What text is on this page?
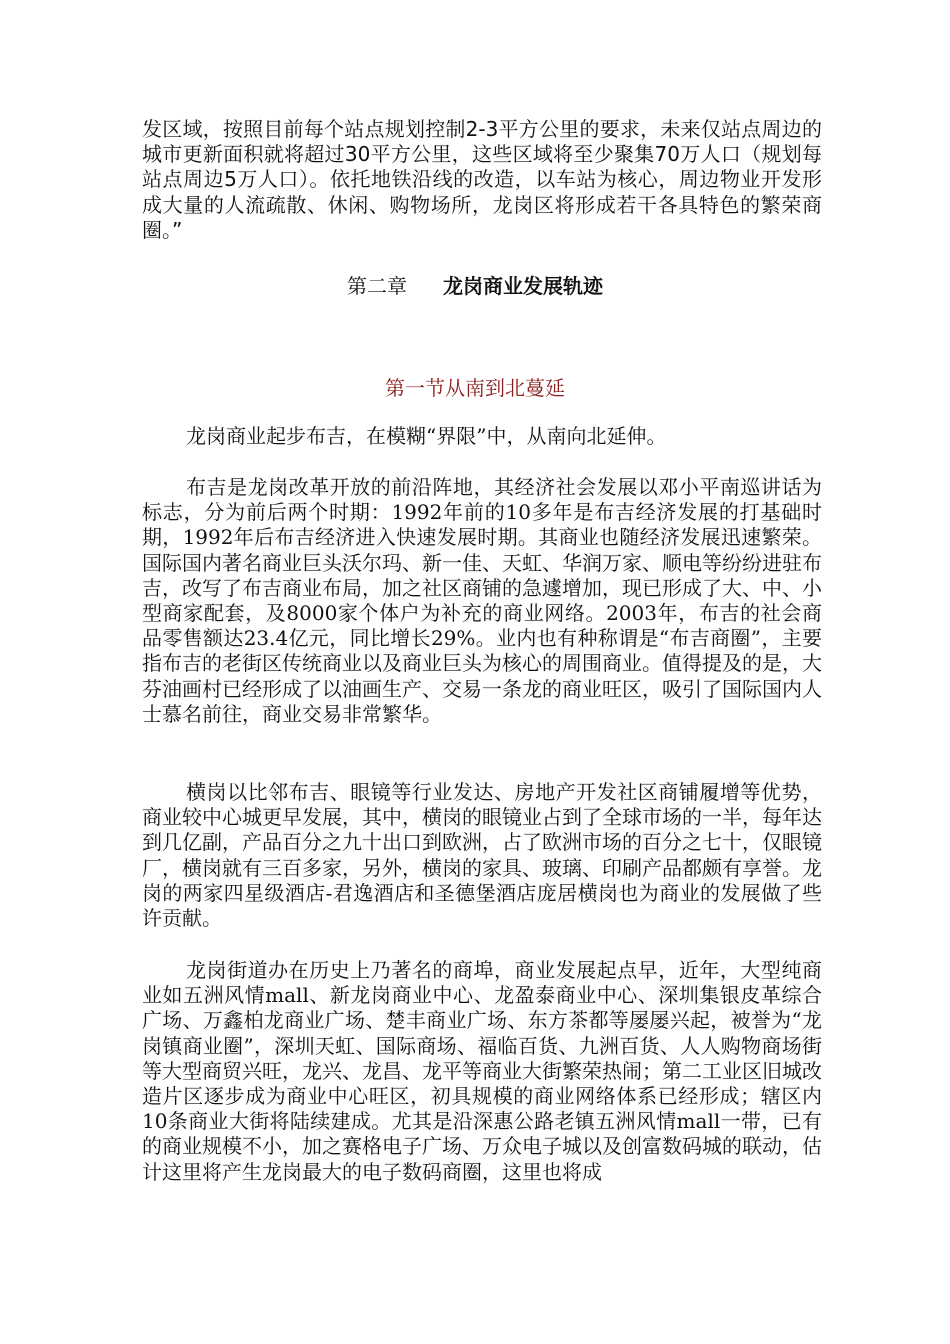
发区域，按照目前每个站点规划控制2-3平方公里的要求，未来仅站点周边的城市更新面积就将超过30平方公里，这些区域将至少聚集70万人口（规划每站点周边5万人口）。依托地铁沿线的改造，以车站为核心，周边物业开发形成大量的人流疏散、休闲、购物场所，龙岗区将形成若干各具特色的繁荣商圈。”

第二章 龙岗商业发展轨迹
第一节从南到北蔓延

龙岗商业起步布吉，在模糊“界限”中，从南向北延伸。

布吉是龙岗改革开放的前沿阵地，其经济社会发展以邓小平南巡讲话为标志，分为前后两个时期：1992年前的10多年是布吉经济发展的打基础时期，1992年后布吉经济进入快速发展时期。其商业也随经济发展迅速繁荣。国际国内著名商业巨头沃尔玛、新一佳、天虹、华润万家、顺电等纷纷进驻布吉，改写了布吉商业布局，加之社区商铺的急遽增加，现已形成了大、中、小型商家配套，及8000家个体户为补充的商业网络。2003年，布吉的社会商品零售额达23.4亿元，同比增长29%。业内也有种称谓是“布吉商圈”，主要指布吉的老街区传统商业以及商业巨头为核心的周围商业。值得提及的是，大芬油画村已经形成了以油画生产、交易一条龙的商业旺区，吸引了国际国内人士慕名前往，商业交易非常繁华。

横岗以比邻布吉、眼镜等行业发达、房地产开发社区商铺履增等优势，商业较中心城更早发展，其中，横岗的眼镜业占到了全球市场的一半，每年达到几亿副，产品百分之九十出口到欧洲，占了欧洲市场的百分之七十，仅眼镜厂，横岗就有三百多家，另外，横岗的家具、玻璃、印刷产品都颇有享誉。龙岗的两家四星级酒店-君逸酒店和圣德堡酒店庞居横岗也为商业的发展做了些许贡献。

龙岗街道办在历史上乃著名的商埠，商业发展起点早，近年，大型纯商业如五洲风情mall、新龙岗商业中心、龙盈泰商业中心、深圳集银皮革综合广场、万鑫柏龙商业广场、楚丰商业广场、东方茶都等屡屡兴起，被誉为“龙岗镇商业圈”，深圳天虹、国际商场、福临百货、九洲百货、人人购物商场街等大型商贸兴旺，龙兴、龙昌、龙平等商业大街繁荣热闹；第二工业区旧城改造片区逐步成为商业中心旺区，初具规模的商业网络体系已经形成；辖区内10条商业大街将陆续建成。尤其是沿深惠公路老镇五洲风情mall一带，已有的商业规模不小，加之赛格电子广场、万众电子城以及创富数码城的联动，估计这里将产生龙岗最大的电子数码商圈，这里也将成
